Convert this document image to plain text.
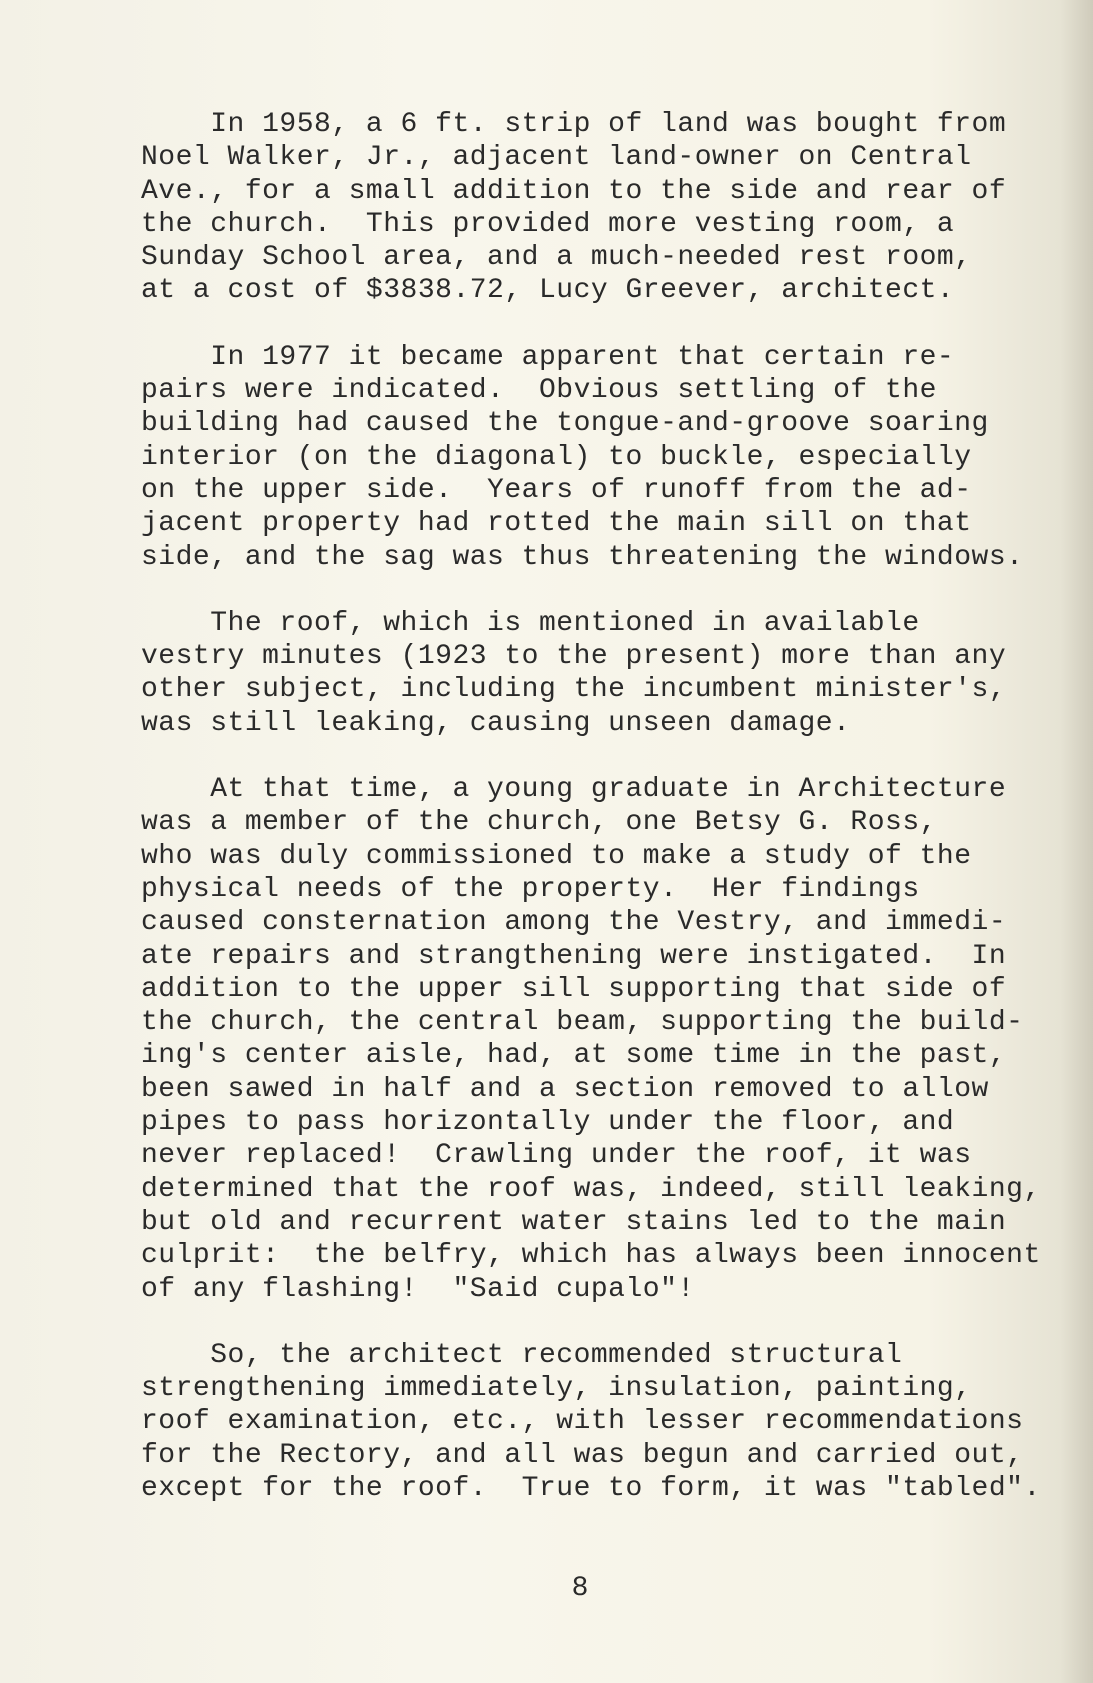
In 1958, a 6 ft. strip of land was bought from
Noel Walker, Jr., adjacent land-owner on Central
Ave., for a small addition to the side and rear of
the church.  This provided more vesting room, a
Sunday School area, and a much-needed rest room,
at a cost of $3838.72, Lucy Greever, architect.
In 1977 it became apparent that certain re-
pairs were indicated.  Obvious settling of the
building had caused the tongue-and-groove soaring
interior (on the diagonal) to buckle, especially
on the upper side.  Years of runoff from the ad-
jacent property had rotted the main sill on that
side, and the sag was thus threatening the windows.
The roof, which is mentioned in available
vestry minutes (1923 to the present) more than any
other subject, including the incumbent minister's,
was still leaking, causing unseen damage.
At that time, a young graduate in Architecture
was a member of the church, one Betsy G. Ross,
who was duly commissioned to make a study of the
physical needs of the property.  Her findings
caused consternation among the Vestry, and immedi-
ate repairs and strangthening were instigated.  In
addition to the upper sill supporting that side of
the church, the central beam, supporting the build-
ing's center aisle, had, at some time in the past,
been sawed in half and a section removed to allow
pipes to pass horizontally under the floor, and
never replaced!  Crawling under the roof, it was
determined that the roof was, indeed, still leaking,
but old and recurrent water stains led to the main
culprit:  the belfry, which has always been innocent
of any flashing!  "Said cupalo"!
So, the architect recommended structural
strengthening immediately, insulation, painting,
roof examination, etc., with lesser recommendations
for the Rectory, and all was begun and carried out,
except for the roof.  True to form, it was "tabled".
8
